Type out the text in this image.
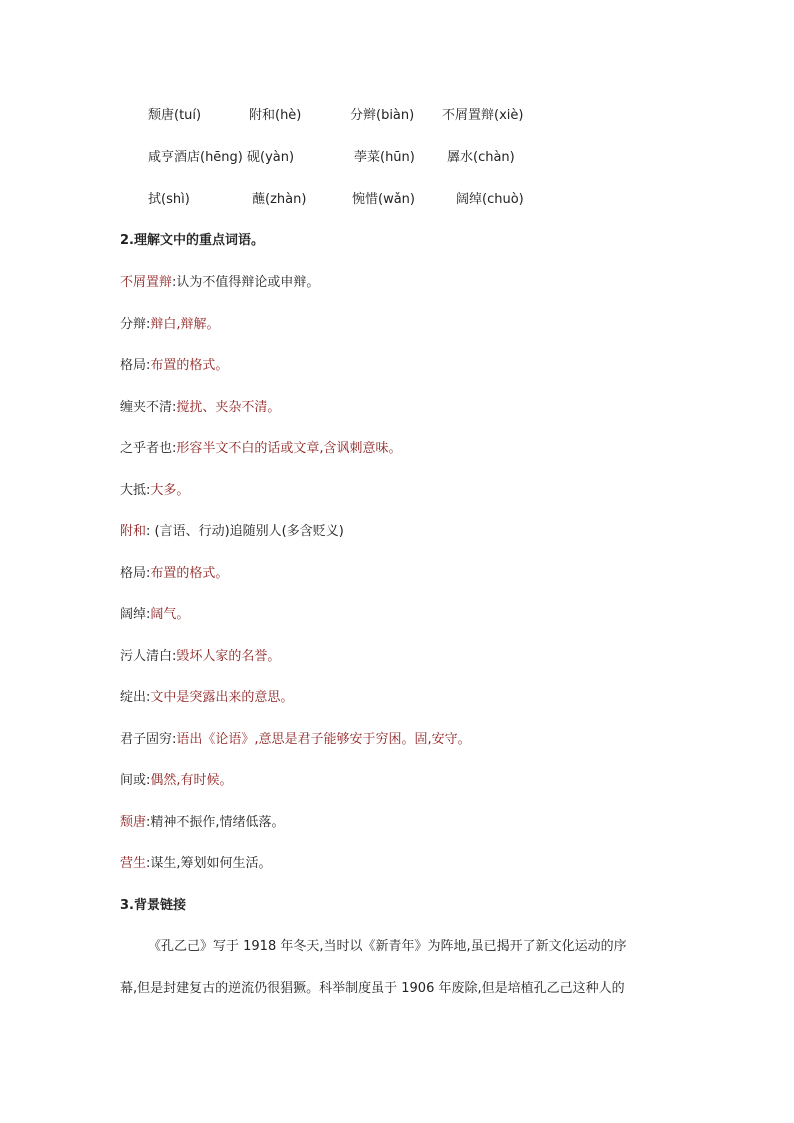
颓唐(tuí)	附和(hè)	分辫(biàn) 不屑置辩(xiè)
咸亨酒店(hēng) 砚(yàn)	荸菜(hūn) 羼水(chàn)
拭(shì)	蘸(zhàn)	惋惜(wǎn)	阔绰(chuò)
2.理解文中的重点词语。
不屑置辩:认为不值得辩论或申辩。
分辩:辩白,辩解。
格局:布置的格式。
缠夹不清:搅扰、夹杂不清。
之乎者也:形容半文不白的话或文章,含讽刺意味。
大抵:大多。
附和: (言语、行动)追随别人(多含贬义)
格局:布置的格式。
阔绰:阔气。
污人清白:毁坏人家的名誉。
绽出:文中是突露出来的意思。
君子固穷:语出《论语》,意思是君子能够安于穷困。固,安守。
间或:偶然,有时候。
颓唐:精神不振作,情绪低落。
营生:谋生,筹划如何生活。
3.背景链接
《孔乙己》写于 1918 年冬天,当时以《新青年》为阵地,虽已揭开了新文化运动的序
幕,但是封建复古的逆流仍很猖獗。科举制度虽于 1906 年废除,但是培植孔乙己这种人的
